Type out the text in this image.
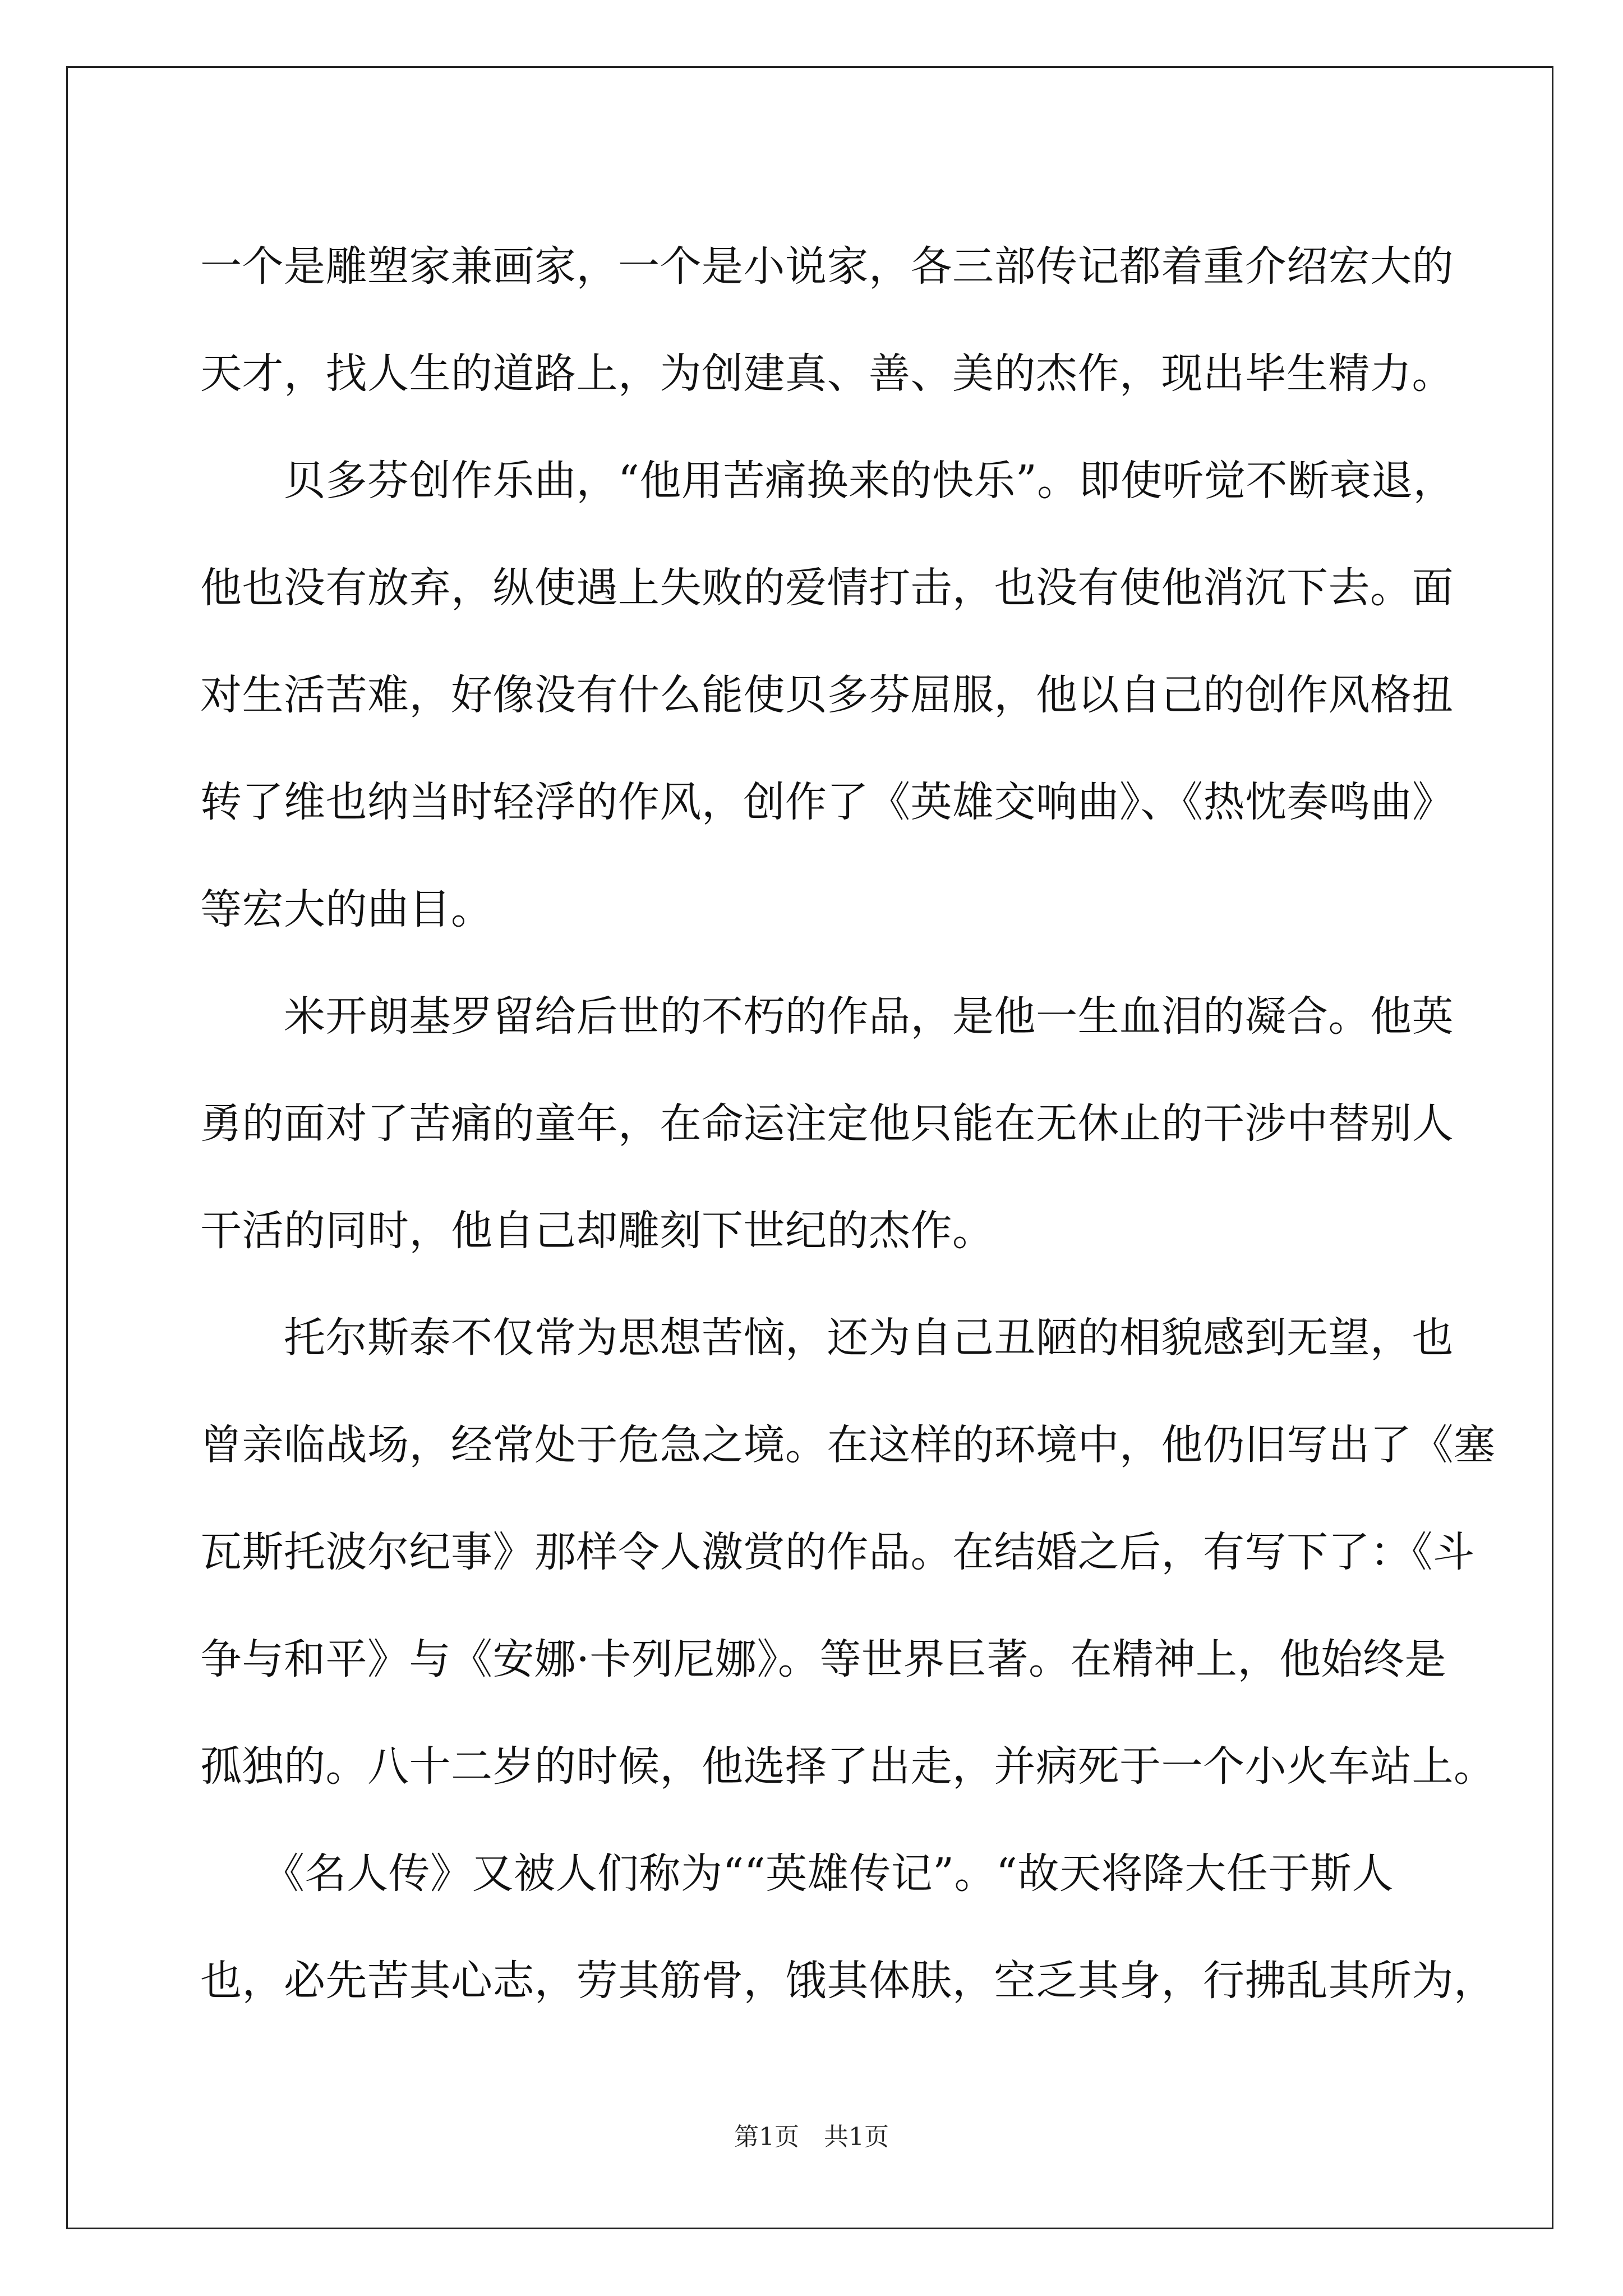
一个是雕塑家兼画家，一个是小说家，各三部传记都着重介绍宏大的
天才，找人生的道路上，为创建真、善、美的杰作，现出毕生精力。
　　贝多芬创作乐曲，“他用苦痛换来的快乐”。即使听觉不断衰退，
他也没有放弃，纵使遇上失败的爱情打击，也没有使他消沉下去。面
对生活苦难，好像没有什么能使贝多芬屈服，他以自己的创作风格扭
转了维也纳当时轻浮的作风，创作了《英雄交响曲》、《热忱奏鸣曲》
等宏大的曲目。
　　米开朗基罗留给后世的不朽的作品，是他一生血泪的凝合。他英
勇的面对了苦痛的童年，在命运注定他只能在无休止的干涉中替别人
干活的同时，他自己却雕刻下世纪的杰作。
　　托尔斯泰不仅常为思想苦恼，还为自己丑陋的相貌感到无望，也
曾亲临战场，经常处于危急之境。在这样的环境中，他仍旧写出了《塞
瓦斯托波尔纪事》那样令人激赏的作品。在结婚之后，有写下了：《斗
争与和平》与《安娜·卡列尼娜》。等世界巨著。在精神上，他始终是
孤独的。八十二岁的时候，他选择了出走，并病死于一个小火车站上。
　　《名人传》又被人们称为““英雄传记”。“故天将降大任于斯人
也，必先苦其心志，劳其筋骨，饿其体肤，空乏其身，行拂乱其所为，
第1页　共1页
